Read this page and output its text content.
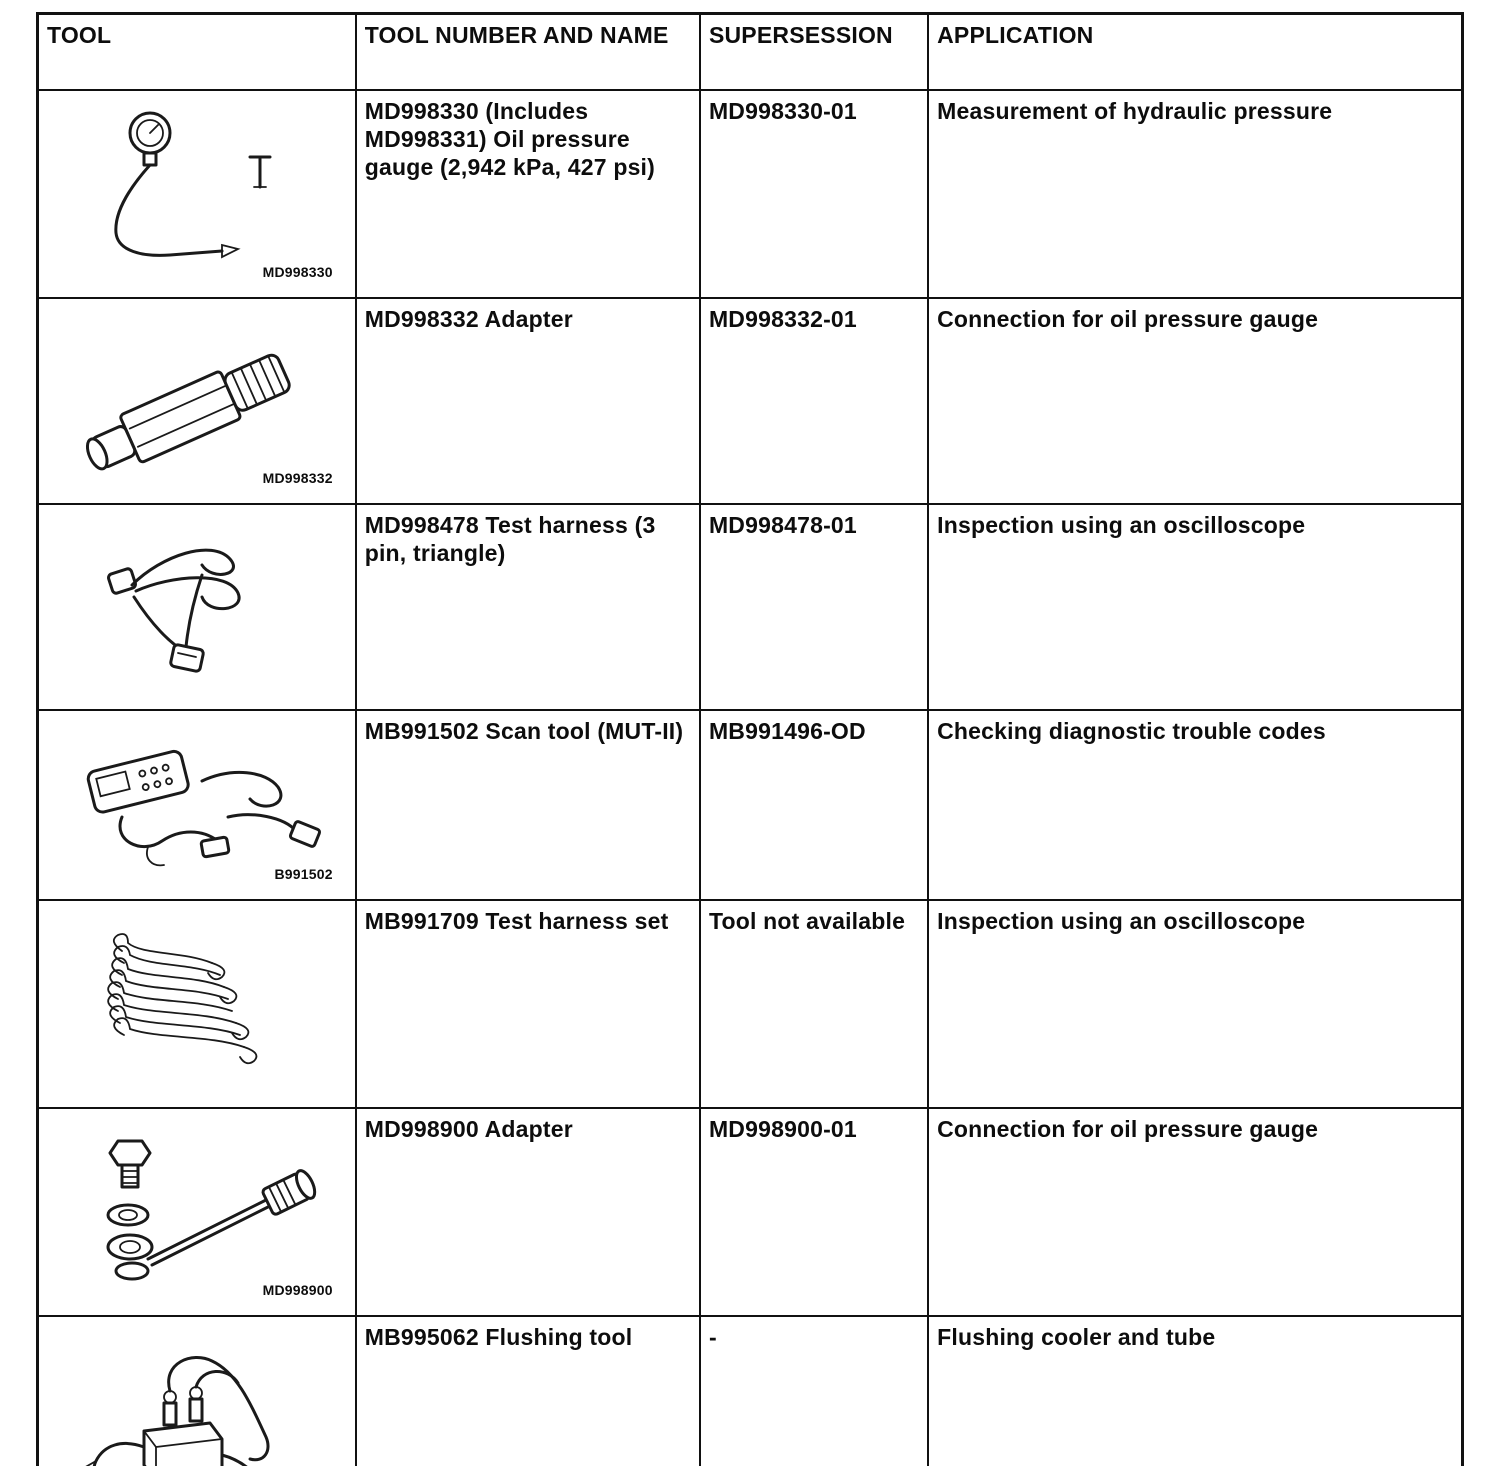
TOOL	TOOL NUMBER AND NAME	SUPERSESSION	APPLICATION

MD998330	MD998330 (Includes MD998331) Oil pressure gauge (2,942 kPa, 427 psi)	MD998330-01	Measurement of hydraulic pressure

MD998332	MD998332 Adapter	MD998332-01	Connection for oil pressure gauge

	MD998478 Test harness (3 pin, triangle)	MD998478-01	Inspection using an oscilloscope

B991502	MB991502 Scan tool (MUT-II)	MB991496-OD	Checking diagnostic trouble codes

	MB991709 Test harness set	Tool not available	Inspection using an oscilloscope

MD998900	MD998900 Adapter	MD998900-01	Connection for oil pressure gauge

	MB995062 Flushing tool	-	Flushing cooler and tube
